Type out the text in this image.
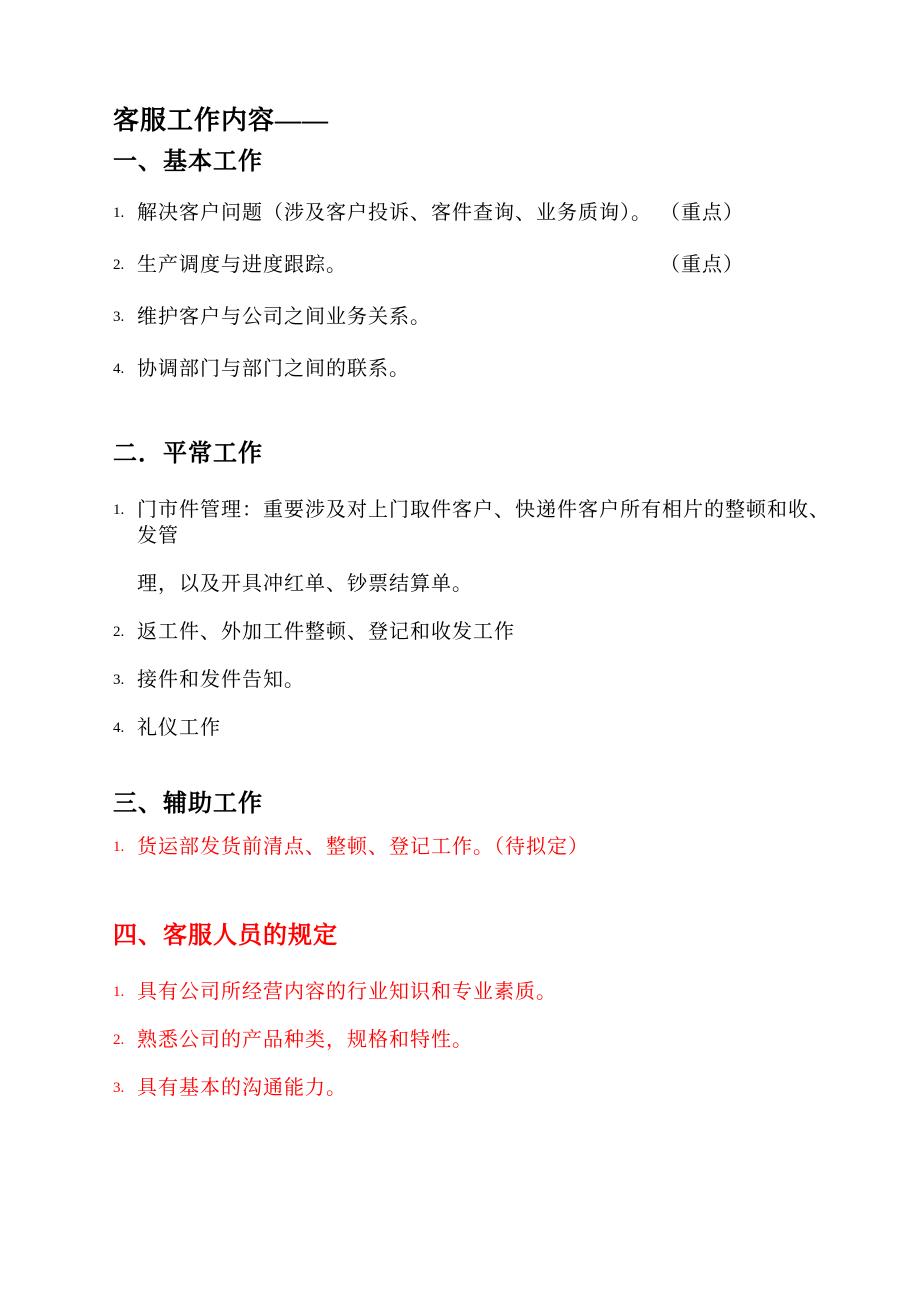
客服工作内容——
一、基本工作
1. 解决客户问题（涉及客户投诉、客件查询、业务质询）。 （重点）
2. 生产调度与进度跟踪。	（重点）
3. 维护客户与公司之间业务关系。
4. 协调部门与部门之间的联系。
二．平常工作
1. 门市件管理：重要涉及对上门取件客户、快递件客户所有相片的整顿和收、发管
理，以及开具冲红单、钞票结算单。
2. 返工件、外加工件整顿、登记和收发工作
3. 接件和发件告知。
4. 礼仪工作
三、辅助工作
1. 货运部发货前清点、整顿、登记工作。（待拟定）
四、客服人员的规定
1. 具有公司所经营内容的行业知识和专业素质。
2. 熟悉公司的产品种类，规格和特性。
3. 具有基本的沟通能力。
